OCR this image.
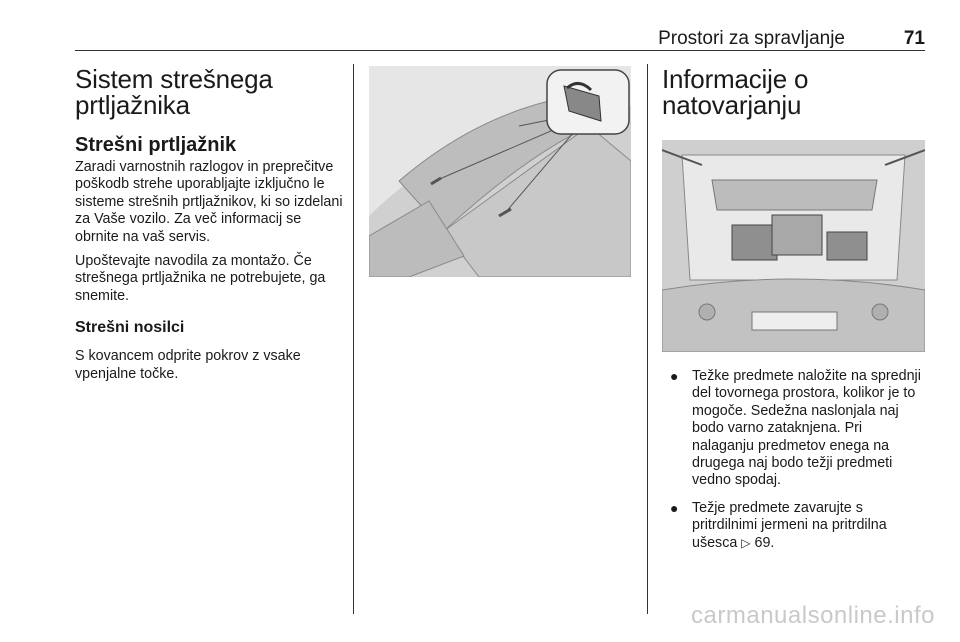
Prostori za spravljanje	71
Sistem strešnega prtljažnika
Strešni prtljažnik

Zaradi varnostnih razlogov in preprečitve poškodb strehe uporabljajte izključno le sisteme strešnih prtljažnikov, ki so izdelani za Vaše vozilo. Za več informacij se obrnite na vaš servis.

Upoštevajte navodila za montažo. Če strešnega prtljažnika ne potrebujete, ga snemite.

Strešni nosilci

S kovancem odprite pokrov z vsake vpenjalne točke.

Informacije o natovarjanju
● Težke predmete naložite na sprednji del tovornega prostora, kolikor je to mogoče. Sedežna naslonjala naj bodo varno zataknjena. Pri nalaganju predmetov enega na drugega naj bodo težji predmeti vedno spodaj.
● Težje predmete zavarujte s pritrdilnimi jermeni na pritrdilna ušesca ▷ 69.
carmanualsonline.info
